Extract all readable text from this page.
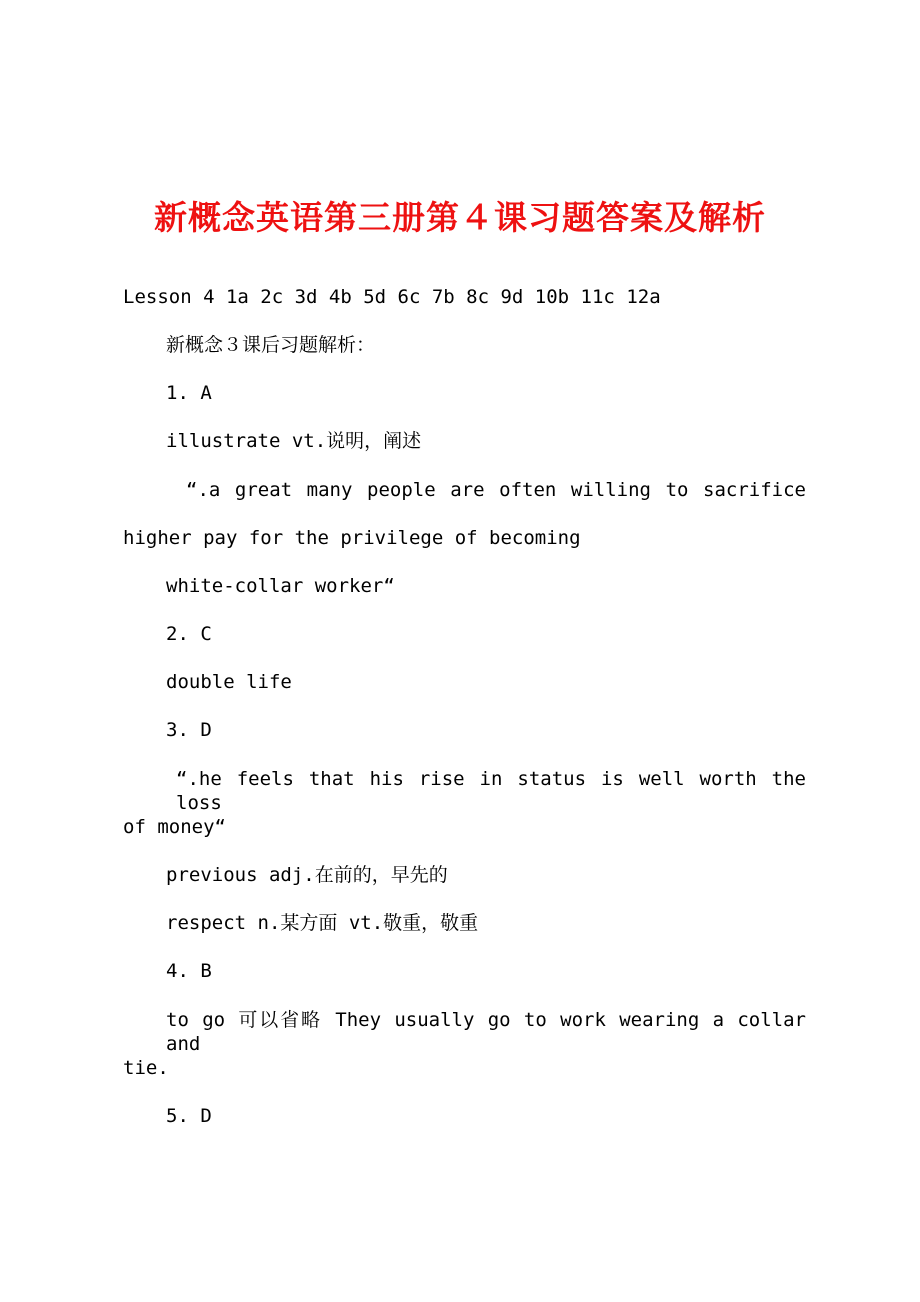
新概念英语第三册第４课习题答案及解析
Lesson 4 1a 2c 3d 4b 5d 6c 7b 8c 9d 10b 11c 12a
新概念３课后习题解析：
1. A
illustrate vt.说明，阐述
“.a great many people are often willing to sacrifice
higher pay for the privilege of becoming
white-collar worker“
2. C
double life
3. D
“.he feels that his rise in status is well worth the loss
of money“
previous adj.在前的，早先的
respect n.某方面 vt.敬重，敬重
4. B
to go 可以省略 They usually go to work wearing a collar and
tie.
5. D
